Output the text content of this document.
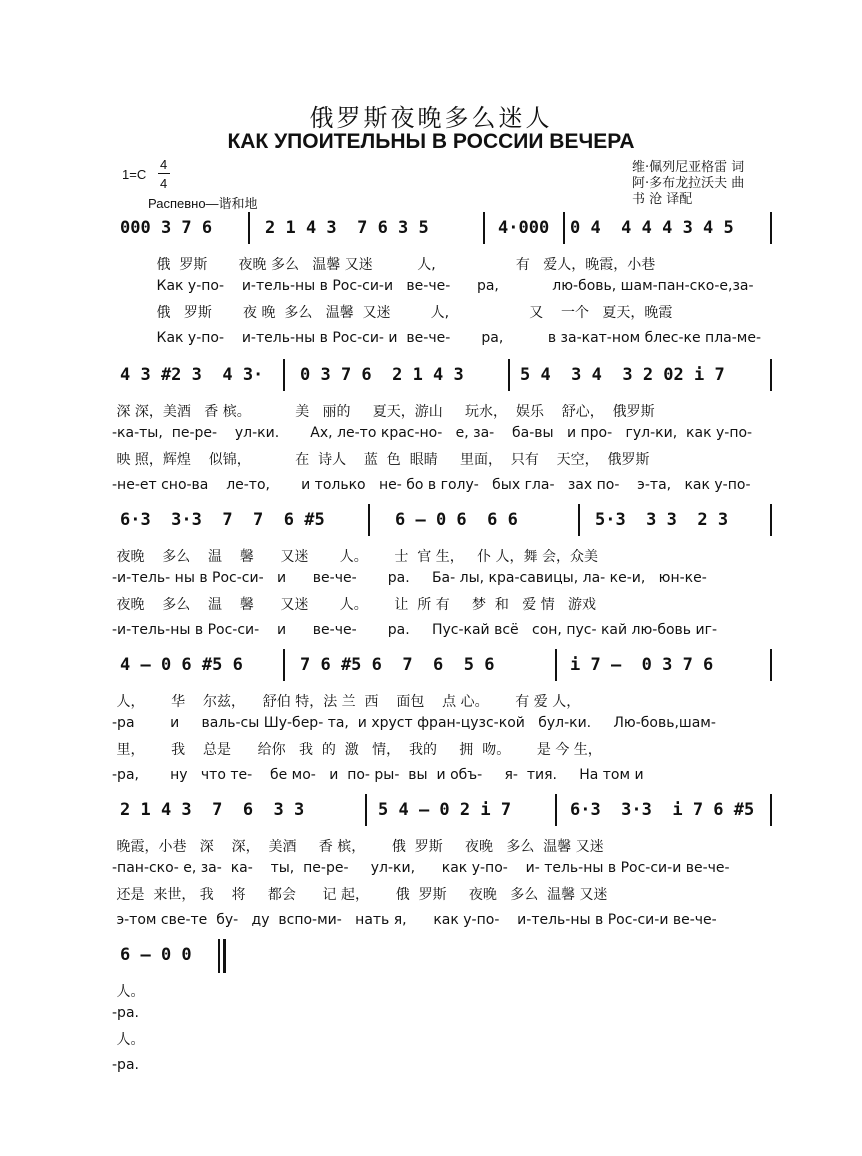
俄罗斯夜晚多么迷人
КАК УПОИТЕЛЬНЫ В РОССИИ ВЕЧЕРА
1=C
4
4
Распевно—谐和地
维·佩列尼亚格雷 词
阿·多布龙拉沃夫 曲
书 沧 译配
000 3 7 6	2 1 4 3  7 6 3 5	4·000 0 4  4 4 4 3 4 5
俄  罗斯       夜晚 多么   温馨 又迷          人,                  有   爱人，晚霞，小巷
Как у-по-    и-тель-ны в Рос-си-и   ве-че-      ра,            лю-бовь, шам-пан-ско-е,за-
俄   罗斯       夜 晚  多么   温馨  又迷         人,                  又    一个   夏天，晚霞
Как у-по-    и-тель-ны в Рос-си- и  ве-че-       ра,          в за-кат-ном блес-ке пла-ме-
4 3 #2 3  4 3· 0 3 7 6  2 1 4 3	5 4  3 4  3 2 02 i 7
深 深，美酒   香 槟。          美   丽的     夏天，游山     玩水，  娱乐    舒心，  俄罗斯
-ка-ты,  пе-ре-    ул-ки.       Ах, ле-то крас-но-   е, за-    ба-вы   и про-   гул-ки,  как у-по-
映 照，辉煌    似锦，          在  诗人    蓝  色  眼睛     里面，  只有    天空，  俄罗斯
-не-ет сно-ва    ле-то,       и только   не- бо в голу-   бых гла-   зах по-    э-та,   как у-по-
6·3  3·3  7  7  6 #5	6 – 0 6  6 6	5·3  3 3  2 3
夜晚    多么    温    馨      又迷       人。      士  官 生，   仆 人，舞 会，众美
-и-тель- ны в Рос-си-   и      ве-че-       ра.     Ба- лы, кра-савицы, ла- ке-и,   юн-ке-
夜晚    多么    温    馨      又迷       人。      让  所 有     梦  和   爱 情   游戏
-и-тель-ны в Рос-си-    и      ве-че-       ра.     Пус-кай всё   сон, пус- кай лю-бовь иг-
4 – 0 6 #5 6	7 6 #5 6  7  6  5 6	i 7 –  0 3 7 6
人，      华    尔兹，    舒伯 特，法 兰  西    面包    点 心。      有 爱 人，
-ра        и     валь-сы Шу-бер- та,  и хруст фран-цузс-кой   бул-ки.     Лю-бовь,шам-
里，      我    总是      给你   我  的  激   情，  我的     拥  吻。      是 今 生，
-ра,       ну   что те-    бе мо-   и  по- ры-  вы  и объ-     я-  тия.     На том и
2 1 4 3  7  6  3 3	5 4 – 0 2 i 7	6·3  3·3  i 7 6 #5
晚霞，小巷   深    深，  美酒     香 槟，      俄  罗斯     夜晚   多么  温馨 又迷
-пан-ско- е, за-  ка-    ты,  пе-ре-     ул-ки,      как у-по-    и- тель-ны в Рос-си-и ве-че-
还是  来世， 我    将     都会      记 起，      俄  罗斯     夜晚   多么  温馨 又迷
э-том све-те  бу-   ду  вспо-ми-   нать я,      как у-по-    и-тель-ны в Рос-си-и ве-че-
6 – 0 0
人。
-ра.
人。
-ра.
